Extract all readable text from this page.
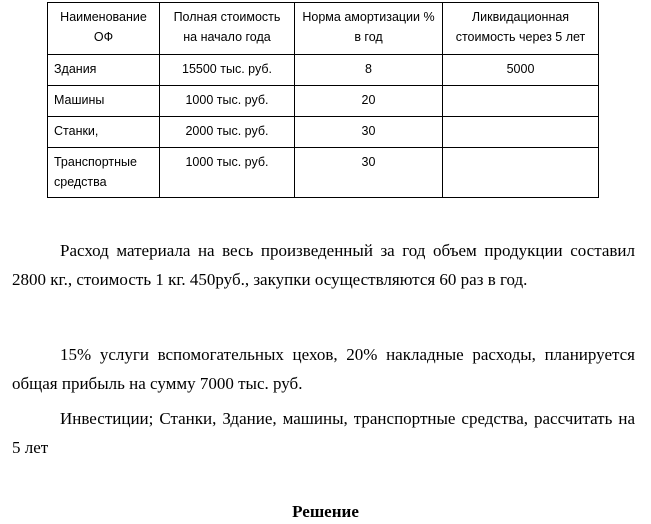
Наименование ОФ	Полная стоимость на начало года	Норма амортизации % в год	Ликвидационная стоимость через 5 лет
Здания	15500 тыс. руб.	8	5000
Машины	1000 тыс. руб.	20	
Станки,	2000 тыс. руб.	30	
Транспортные средства	1000 тыс. руб.	30	

Расход материала на весь произведенный за год объем продукции составил 2800 кг., стоимость 1 кг. 450руб., закупки осуществляются 60 раз в год.

15% услуги вспомогательных цехов, 20% накладные расходы, планируется общая прибыль на сумму 7000 тыс. руб.

Инвестиции; Станки, Здание, машины, транспортные средства, рассчитать на 5 лет

Решение
